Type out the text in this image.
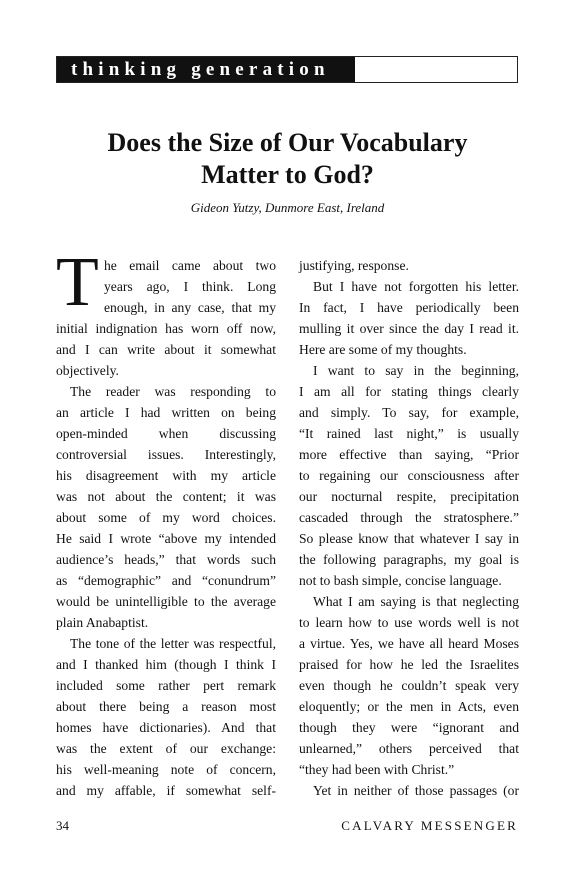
thinking generation
Does the Size of Our Vocabulary
Matter to God?
Gideon Yutzy, Dunmore East, Ireland
T he email came about two
years ago, I think. Long
enough, in any case, that my
initial indignation has worn off now,
and I can write about it somewhat
objectively.
The reader was responding to
an article I had written on being
open-minded when discussing
controversial issues. Interestingly,
his disagreement with my article
was not about the content; it was
about some of my word choices.
He said I wrote “above my intended
audience’s heads,” that words such
as “demographic” and “conundrum”
would be unintelligible to the average
plain Anabaptist.
The tone of the letter was respectful,
and I thanked him (though I think I
included some rather pert remark
about there being a reason most
homes have dictionaries). And that
was the extent of our exchange:
his well-meaning note of concern,
and my affable, if somewhat self-
justifying, response.
But I have not forgotten his letter.
In fact, I have periodically been
mulling it over since the day I read it.
Here are some of my thoughts.
I want to say in the beginning,
I am all for stating things clearly
and simply. To say, for example,
“It rained last night,” is usually
more effective than saying, “Prior
to regaining our consciousness after
our nocturnal respite, precipitation
cascaded through the stratosphere.”
So please know that whatever I say in
the following paragraphs, my goal is
not to bash simple, concise language.
What I am saying is that neglecting
to learn how to use words well is not
a virtue. Yes, we have all heard Moses
praised for how he led the Israelites
even though he couldn’t speak very
eloquently; or the men in Acts, even
though they were “ignorant and
unlearned,” others perceived that
“they had been with Christ.”
Yet in neither of those passages (or
34	CALVARY MESSENGER
